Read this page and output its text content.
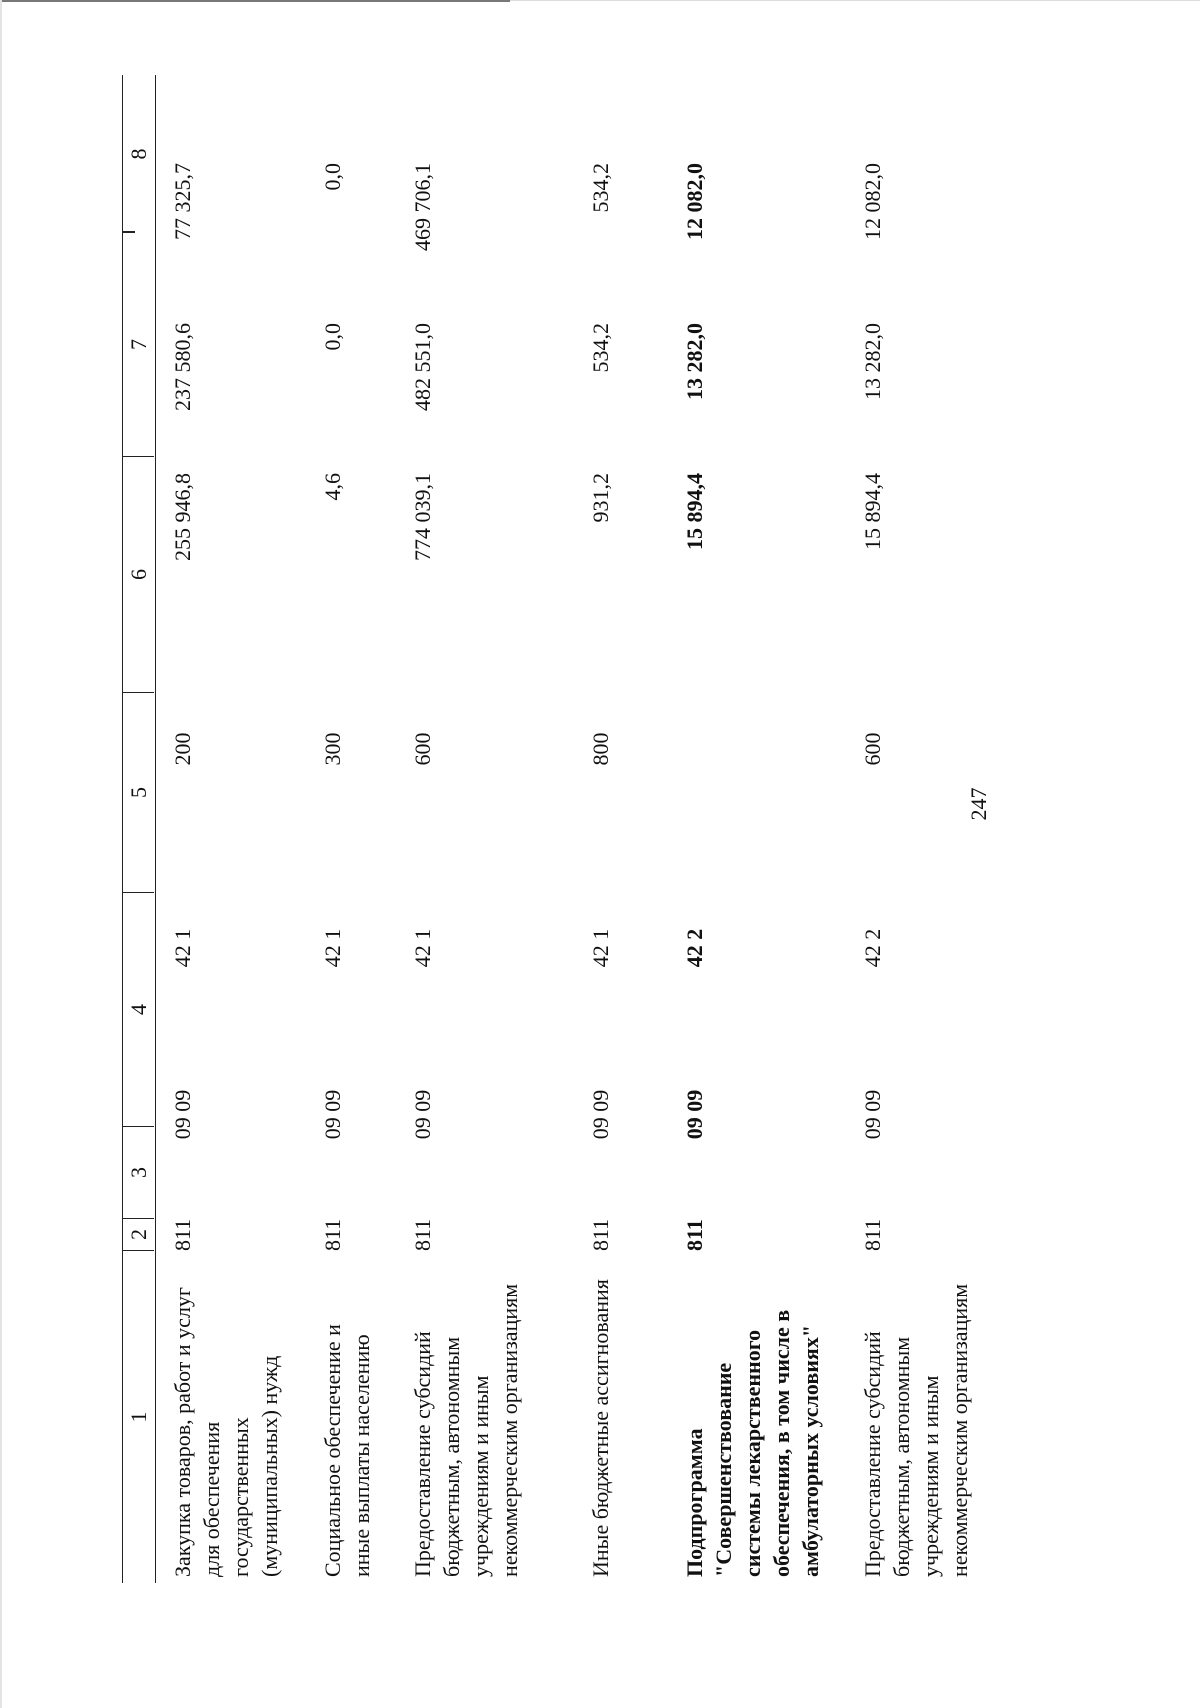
247
1
2
3
4
5
6
7
8
Закупка товаров, работ и услуг для обеспечения государственных (муниципальных) нужд
811
09 09
42 1
200
255 946,8
237 580,6
77 325,7
Социальное обеспечение и иные выплаты населению
811
09 09
42 1
300
4,6
0,0
0,0
Предоставление субсидий бюджетным, автономным учреждениям и иным некоммерческим организациям
811
09 09
42 1
600
774 039,1
482 551,0
469 706,1
Иные бюджетные ассигнования
811
09 09
42 1
800
931,2
534,2
534,2
Подпрограмма "Совершенствование системы лекарственного обеспечения, в том числе в амбулаторных условиях"
811
09 09
42 2
15 894,4
13 282,0
12 082,0
Предоставление субсидий бюджетным, автономным учреждениям и иным некоммерческим организациям
811
09 09
42 2
600
15 894,4
13 282,0
12 082,0
